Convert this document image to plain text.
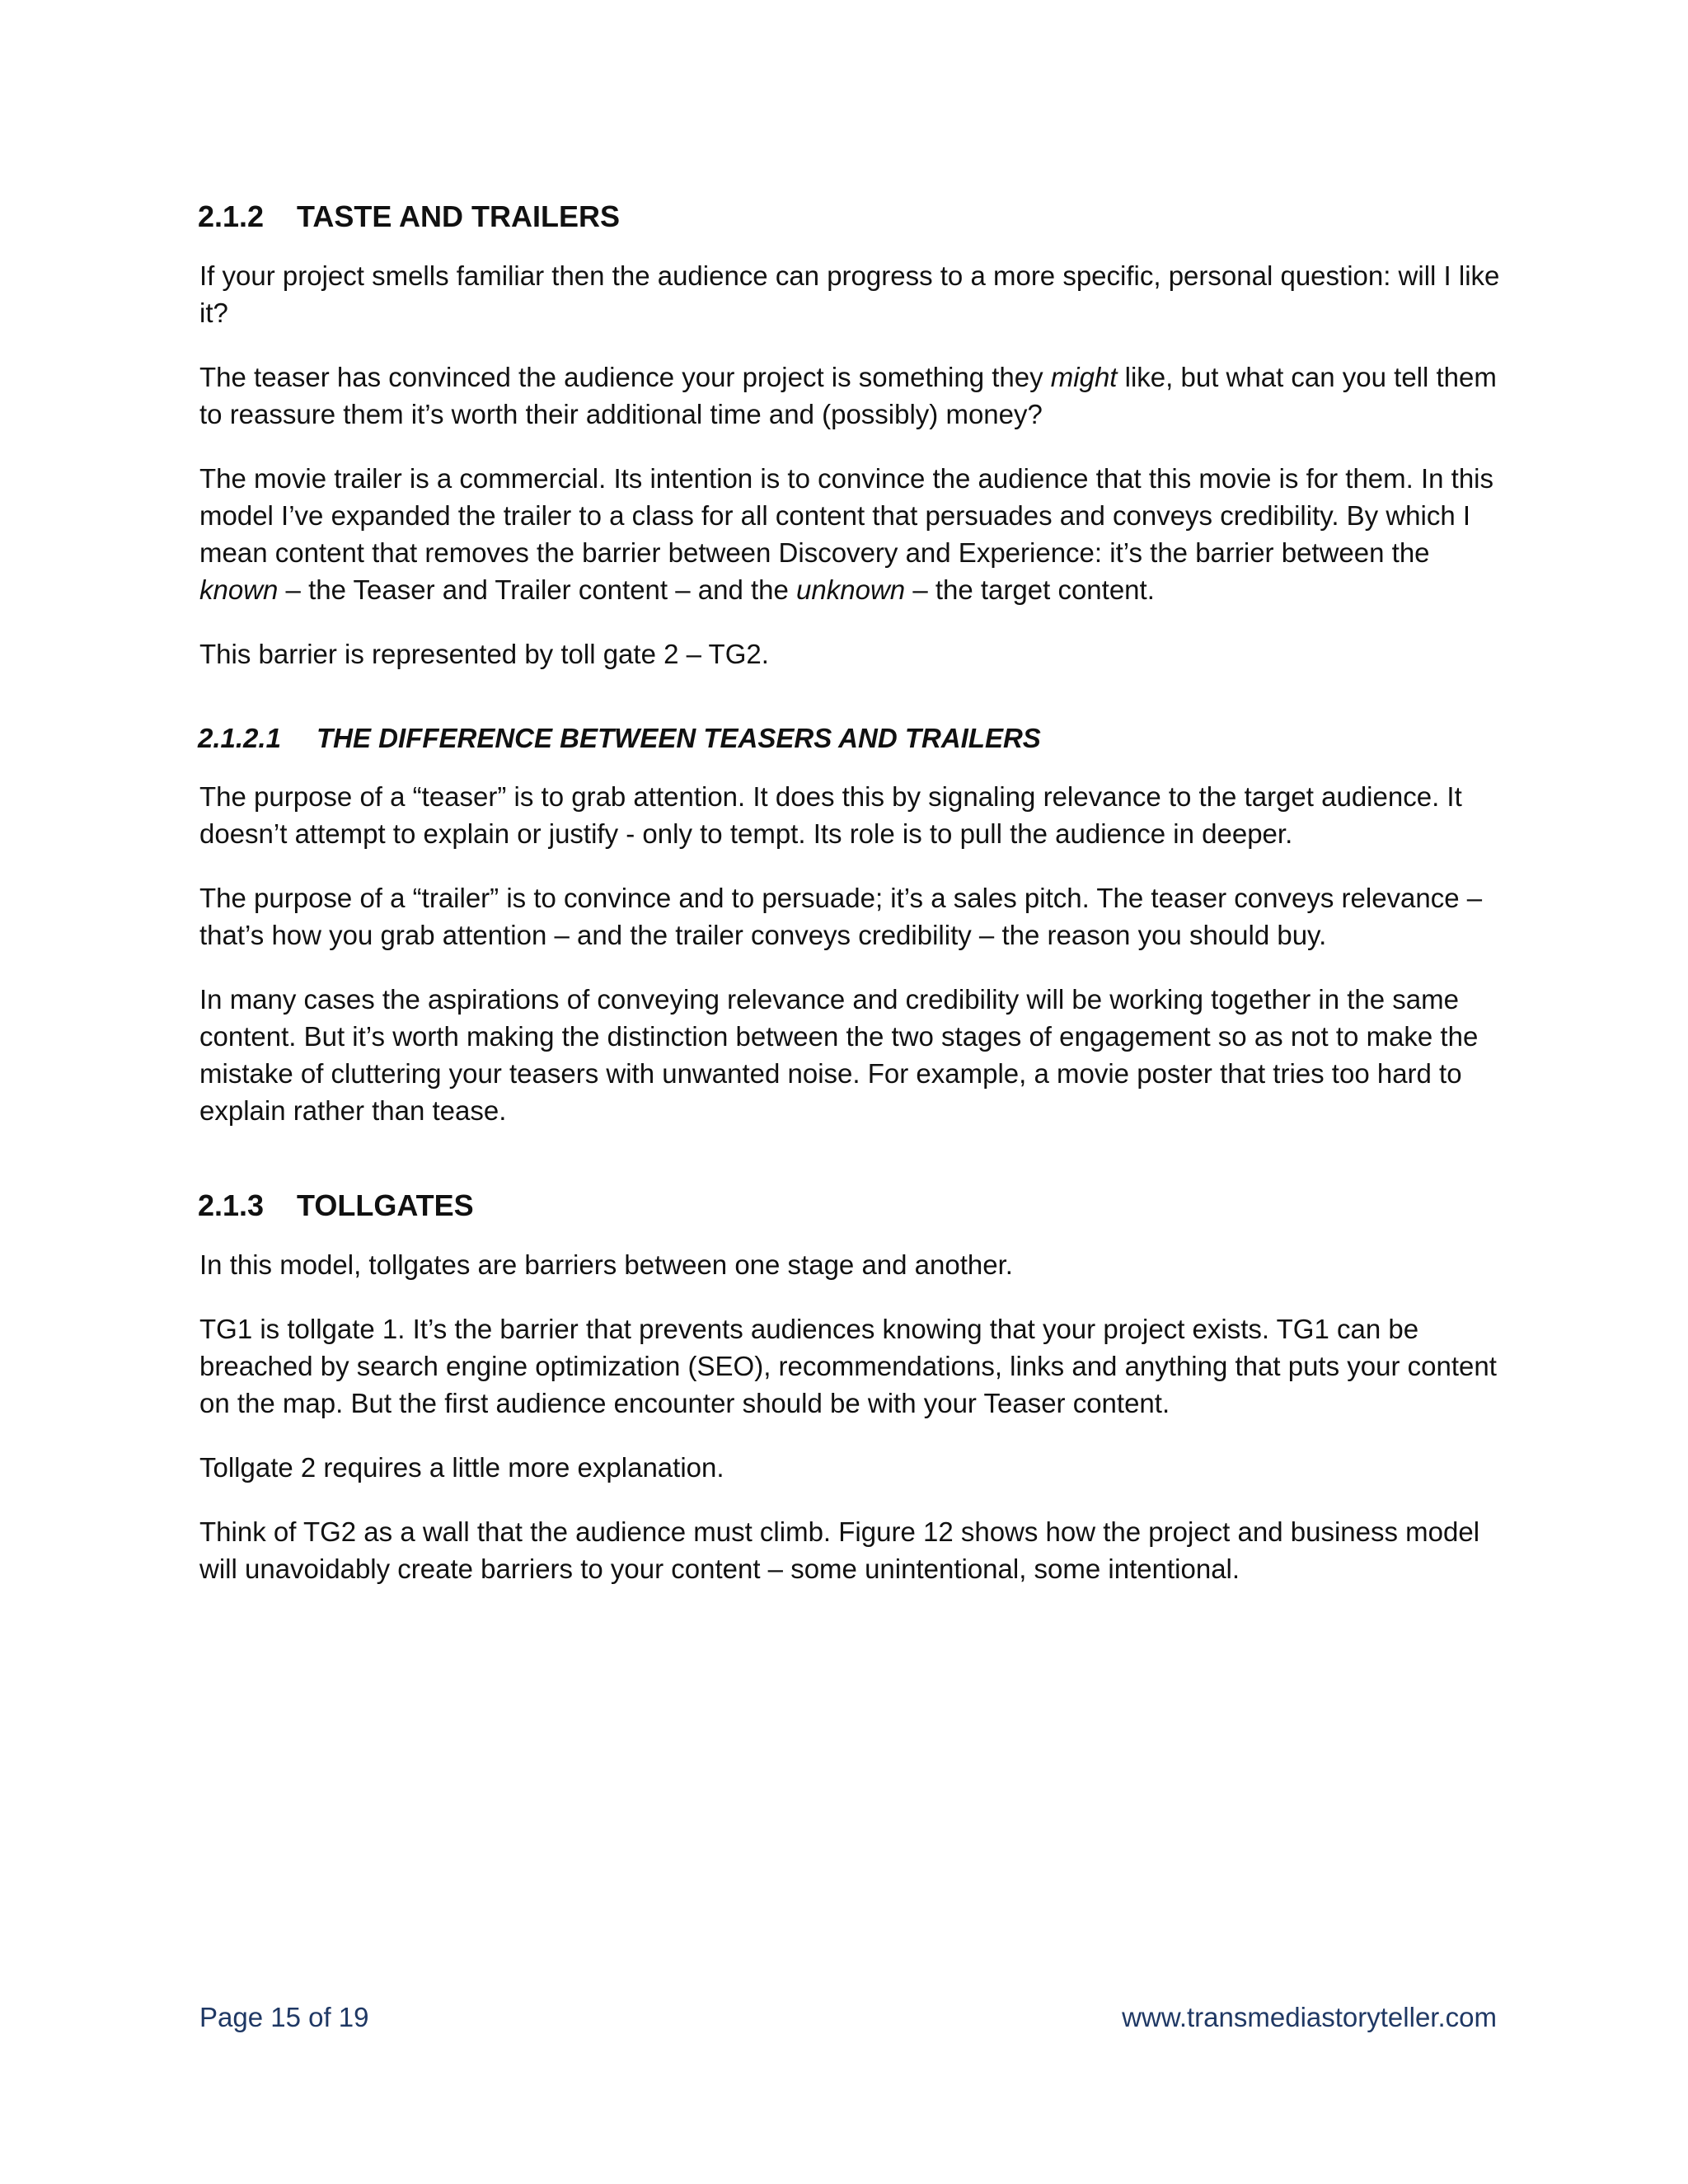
2.1.2 TASTE AND TRAILERS

If your project smells familiar then the audience can progress to a more specific, personal question: will I like it?

The teaser has convinced the audience your project is something they might like, but what can you tell them to reassure them it’s worth their additional time and (possibly) money?

The movie trailer is a commercial. Its intention is to convince the audience that this movie is for them. In this model I’ve expanded the trailer to a class for all content that persuades and conveys credibility. By which I mean content that removes the barrier between Discovery and Experience: it’s the barrier between the known – the Teaser and Trailer content – and the unknown – the target content.

This barrier is represented by toll gate 2 – TG2.

2.1.2.1 THE DIFFERENCE BETWEEN TEASERS AND TRAILERS

The purpose of a “teaser” is to grab attention. It does this by signaling relevance to the target audience. It doesn’t attempt to explain or justify - only to tempt. Its role is to pull the audience in deeper.

The purpose of a “trailer” is to convince and to persuade; it’s a sales pitch. The teaser conveys relevance – that’s how you grab attention – and the trailer conveys credibility – the reason you should buy.

In many cases the aspirations of conveying relevance and credibility will be working together in the same content. But it’s worth making the distinction between the two stages of engagement so as not to make the mistake of cluttering your teasers with unwanted noise. For example, a movie poster that tries too hard to explain rather than tease.

2.1.3 TOLLGATES

In this model, tollgates are barriers between one stage and another.

TG1 is tollgate 1. It’s the barrier that prevents audiences knowing that your project exists. TG1 can be breached by search engine optimization (SEO), recommendations, links and anything that puts your content on the map. But the first audience encounter should be with your Teaser content.

Tollgate 2 requires a little more explanation.

Think of TG2 as a wall that the audience must climb. Figure 12 shows how the project and business model will unavoidably create barriers to your content – some unintentional, some intentional.

Page 15 of 19	www.transmediastoryteller.com
